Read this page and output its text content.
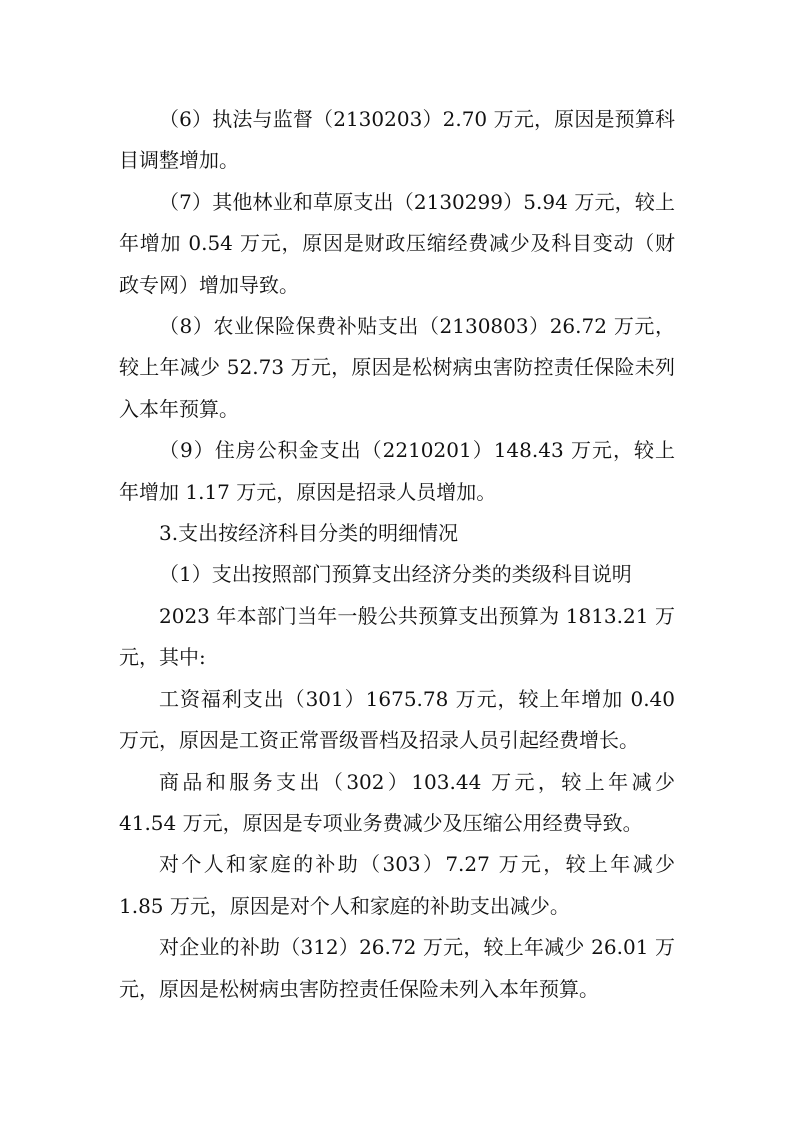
（6）执法与监督（2130203）2.70 万元，原因是预算科目调整增加。

（7）其他林业和草原支出（2130299）5.94 万元，较上年增加 0.54 万元，原因是财政压缩经费减少及科目变动（财政专网）增加导致。

（8）农业保险保费补贴支出（2130803）26.72 万元，较上年减少 52.73 万元，原因是松树病虫害防控责任保险未列入本年预算。

（9）住房公积金支出（2210201）148.43 万元，较上年增加 1.17 万元，原因是招录人员增加。

3.支出按经济科目分类的明细情况

（1）支出按照部门预算支出经济分类的类级科目说明

2023 年本部门当年一般公共预算支出预算为 1813.21 万元，其中:

工资福利支出（301）1675.78 万元，较上年增加 0.40 万元，原因是工资正常晋级晋档及招录人员引起经费增长。

商品和服务支出（302）103.44 万元，较上年减少 41.54 万元，原因是专项业务费减少及压缩公用经费导致。

对个人和家庭的补助（303）7.27 万元，较上年减少 1.85 万元，原因是对个人和家庭的补助支出减少。

对企业的补助（312）26.72 万元，较上年减少 26.01 万元，原因是松树病虫害防控责任保险未列入本年预算。
